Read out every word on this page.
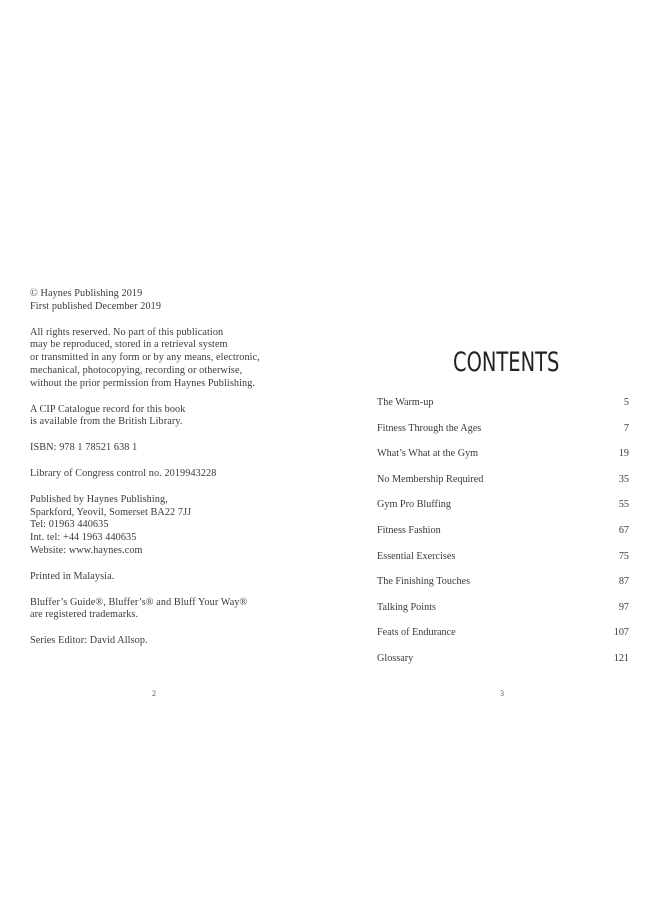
© Haynes Publishing 2019
First published December 2019

All rights reserved. No part of this publication
may be reproduced, stored in a retrieval system
or transmitted in any form or by any means, electronic,
mechanical, photocopying, recording or otherwise,
without the prior permission from Haynes Publishing.

A CIP Catalogue record for this book
is available from the British Library.

ISBN: 978 1 78521 638 1

Library of Congress control no. 2019943228

Published by Haynes Publishing,
Sparkford, Yeovil, Somerset BA22 7JJ
Tel: 01963 440635
Int. tel: +44 1963 440635
Website: www.haynes.com

Printed in Malaysia.

Bluffer’s Guide®, Bluffer’s® and Bluff Your Way®
are registered trademarks.

Series Editor: David Allsop.

2
CONTENTS
The Warm-up	5
Fitness Through the Ages	7
What’s What at the Gym	19
No Membership Required	35
Gym Pro Bluffing	55
Fitness Fashion	67
Essential Exercises	75
The Finishing Touches	87
Talking Points	97
Feats of Endurance	107
Glossary	121
3
